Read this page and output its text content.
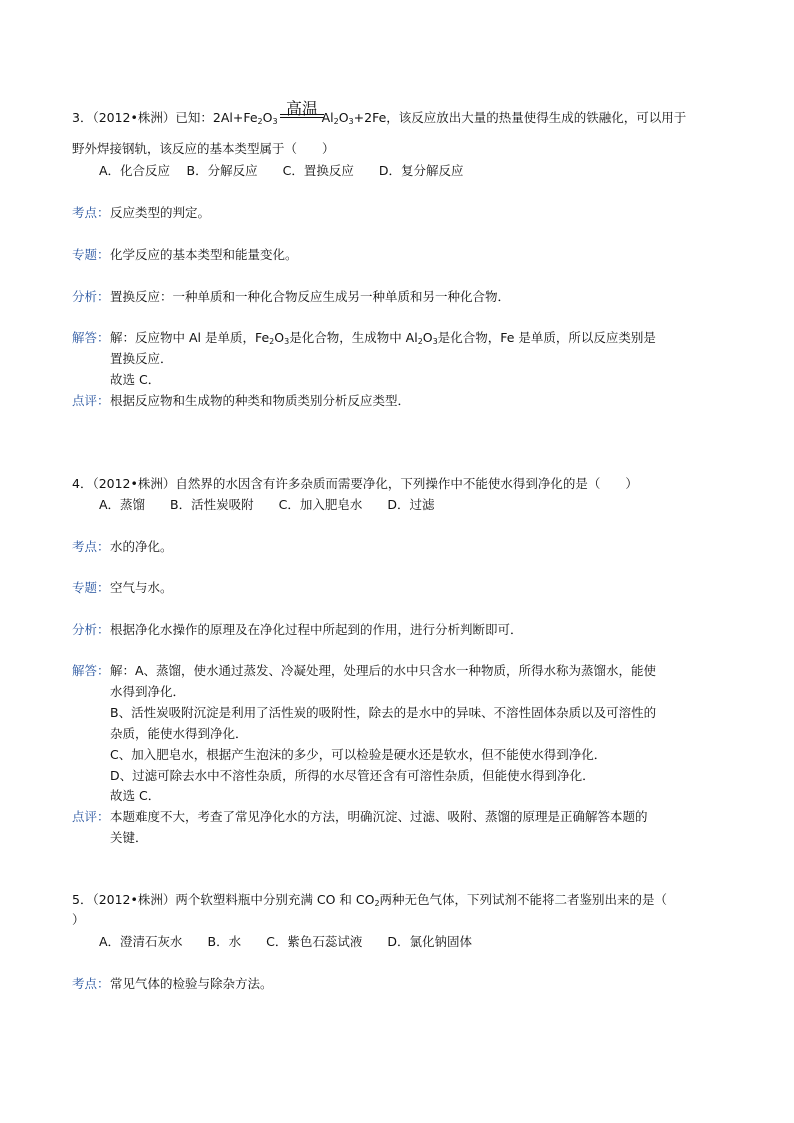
高温
3．（2012•株洲）已知：$2Al+Fe_2O_3$	$Al_2O_3+2Fe$，该反应放出大量的热量使得生成的铁融化，可以用于
野外焊接钢轨，该反应的基本类型属于（　　）
A．化合反应　 B．分解反应　　C．置换反应　　D．复分解反应
考点： 反应类型的判定。
专题： 化学反应的基本类型和能量变化。
分析： 置换反应：一种单质和一种化合物反应生成另一种单质和另一种化合物．
解答： 解：反应物中 Al 是单质，$Fe_2O_3$是化合物，生成物中 $Al_2O_3$是化合物，Fe 是单质，所以反应类别是
置换反应．
故选 C．
点评： 根据反应物和生成物的种类和物质类别分析反应类型．
4．（2012•株洲）自然界的水因含有许多杂质而需要净化，下列操作中不能使水得到净化的是（　　）
A．蒸馏　　B．活性炭吸附　　C．加入肥皂水　　D．过滤
考点： 水的净化。
专题： 空气与水。
分析： 根据净化水操作的原理及在净化过程中所起到的作用，进行分析判断即可．
解答： 解：A、蒸馏，使水通过蒸发、冷凝处理，处理后的水中只含水一种物质，所得水称为蒸馏水，能使
水得到净化．
B、活性炭吸附沉淀是利用了活性炭的吸附性，除去的是水中的异味、不溶性固体杂质以及可溶性的
杂质，能使水得到净化．
C、加入肥皂水，根据产生泡沫的多少，可以检验是硬水还是软水，但不能使水得到净化．
D、过滤可除去水中不溶性杂质，所得的水尽管还含有可溶性杂质，但能使水得到净化．
故选 C．
点评： 本题难度不大，考查了常见净化水的方法，明确沉淀、过滤、吸附、蒸馏的原理是正确解答本题的
关键．
5．（2012•株洲）两个软塑料瓶中分别充满 CO 和 $CO_2$两种无色气体，下列试剂不能将二者鉴别出来的是（
）
A．澄清石灰水　　B．水　　C．紫色石蕊试液　　D．氯化钠固体
考点： 常见气体的检验与除杂方法。
